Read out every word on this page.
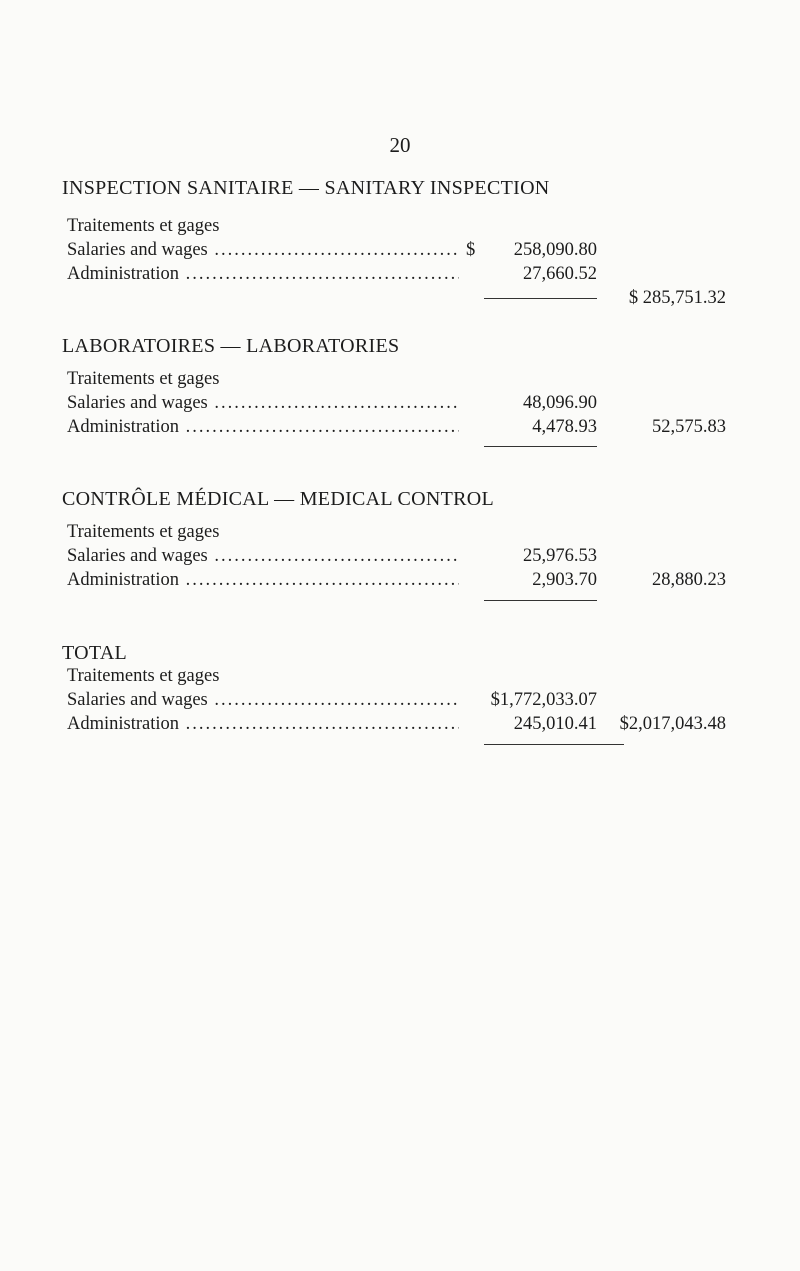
20
INSPECTION SANITAIRE — SANITARY INSPECTION
Traitements et gages
Salaries and wages .....	$	258,090.80
Administration .....	27,660.52
$ 285,751.32
LABORATOIRES — LABORATORIES
Traitements et gages
Salaries and wages .....	48,096.90
Administration .....	4,478.93	52,575.83
CONTRÔLE MÉDICAL — MEDICAL CONTROL
Traitements et gages
Salaries and wages .....	25,976.53
Administration .....	2,903.70	28,880.23
TOTAL
Traitements et gages
Salaries and wages .....	$1,772,033.07
Administration .....	245,010.41	$2,017,043.48
